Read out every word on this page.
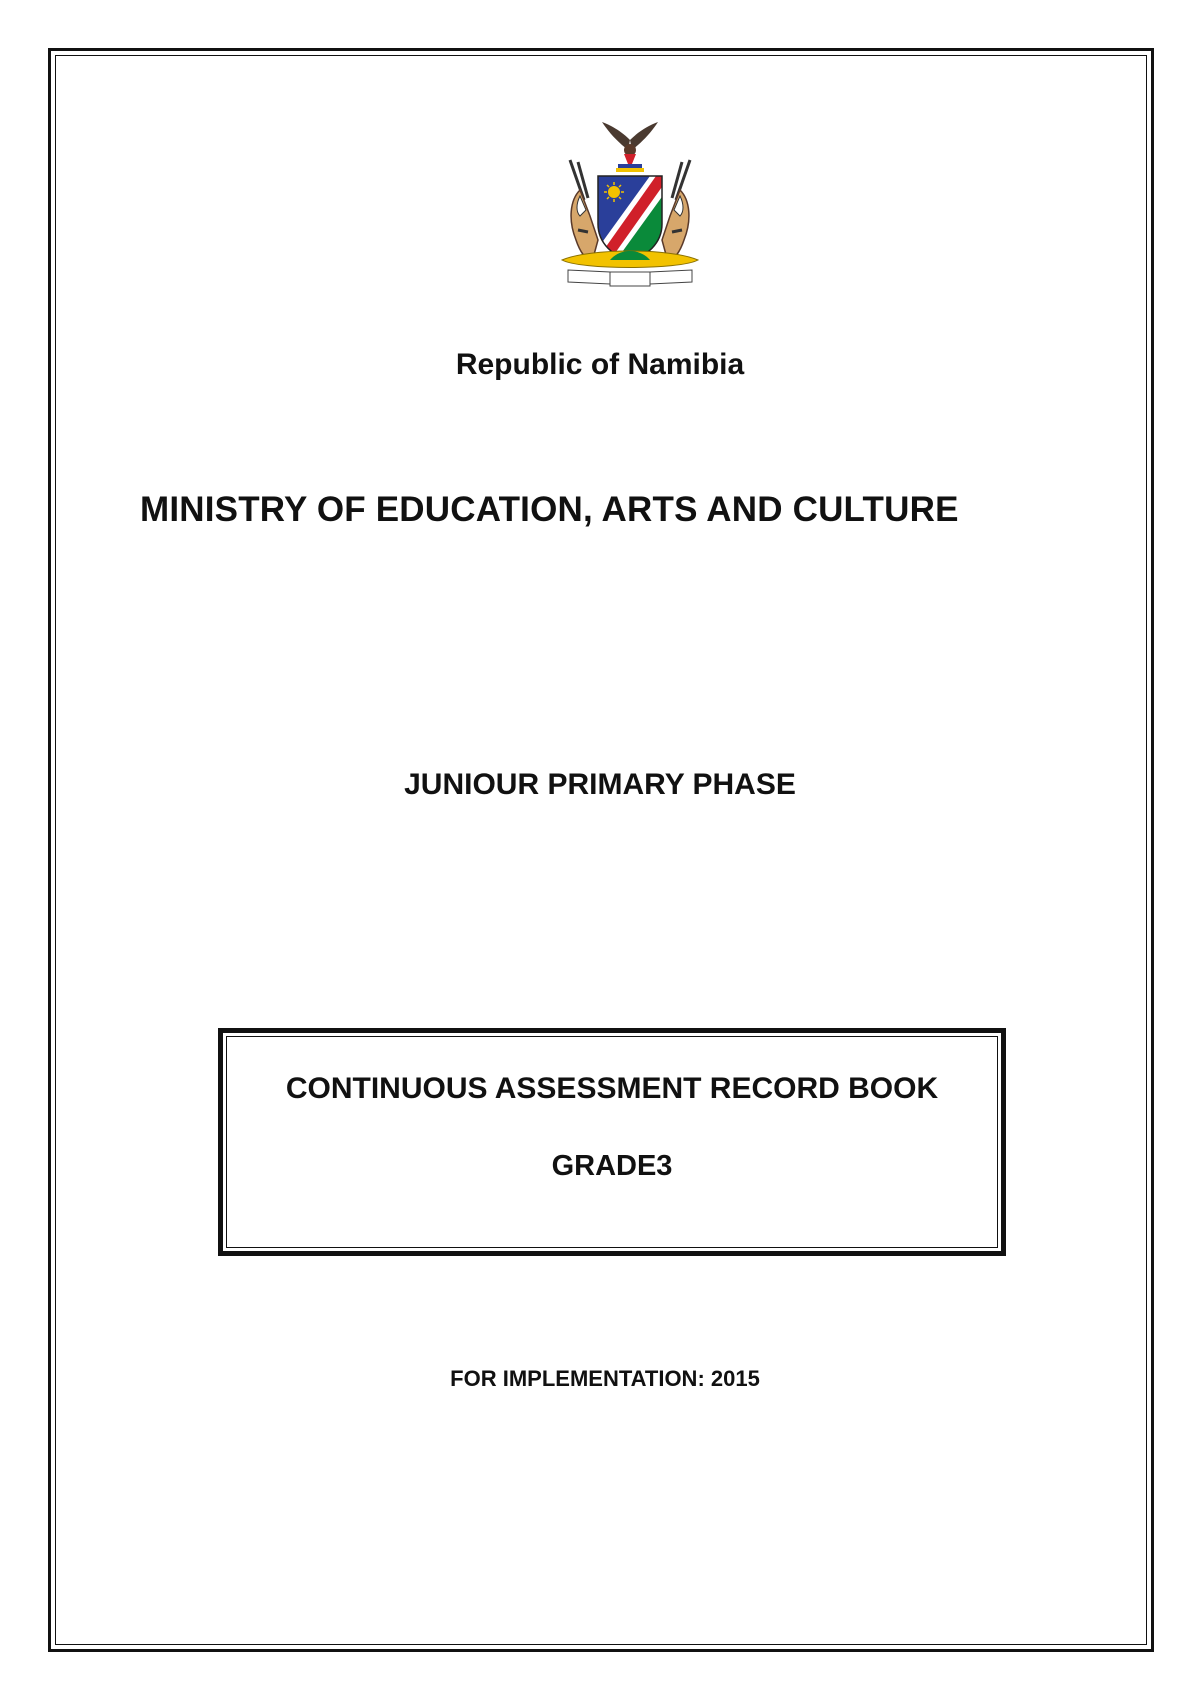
Republic of Namibia
MINISTRY OF EDUCATION, ARTS AND CULTURE
JUNIOUR PRIMARY PHASE
CONTINUOUS ASSESSMENT RECORD BOOK
GRADE3
FOR IMPLEMENTATION: 2015
